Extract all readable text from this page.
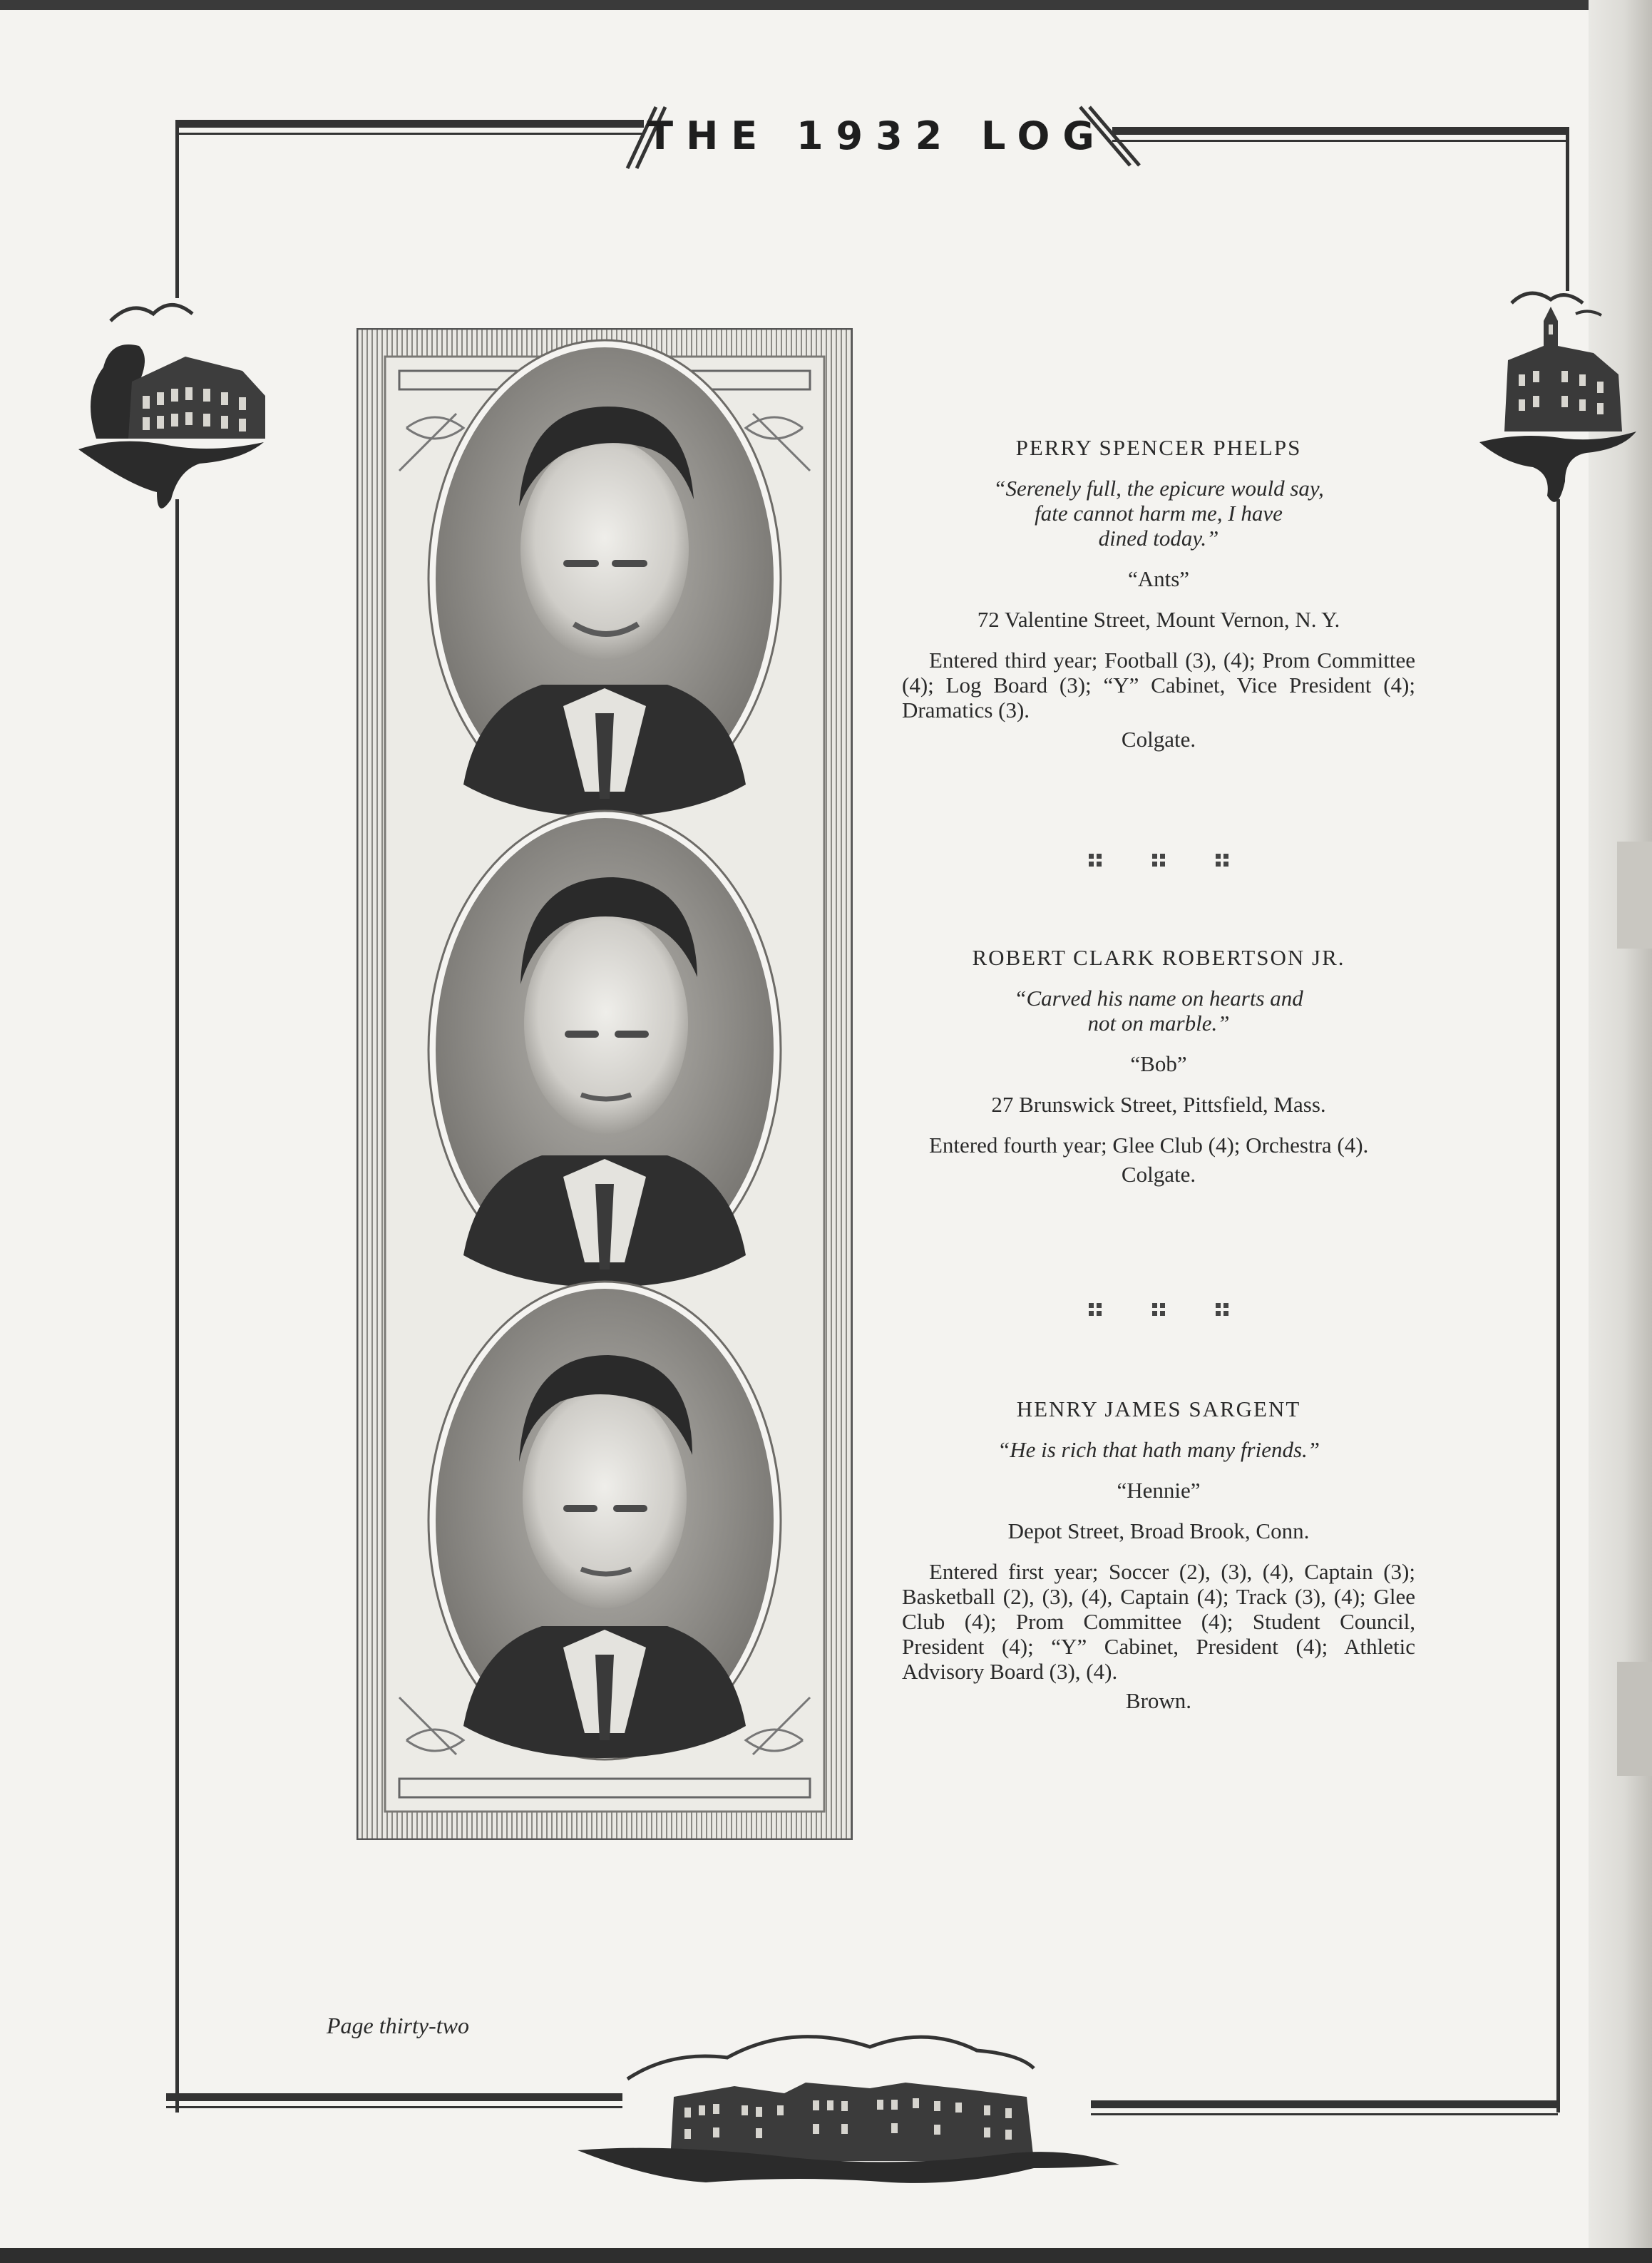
THE 1932 LOG
PERRY SPENCER PHELPS
“Serenely full, the epicure would say,
fate cannot harm me, I have
dined today.”
“Ants”
72 Valentine Street, Mount Vernon, N. Y.
Entered third year; Football (3), (4); Prom Committee (4); Log Board (3); “Y” Cabinet, Vice President (4); Dramatics (3).
Colgate.
ROBERT CLARK ROBERTSON JR.
“Carved his name on hearts and
not on marble.”
“Bob”
27 Brunswick Street, Pittsfield, Mass.
Entered fourth year; Glee Club (4); Orchestra (4).
Colgate.
HENRY JAMES SARGENT
“He is rich that hath many friends.”
“Hennie”
Depot Street, Broad Brook, Conn.
Entered first year; Soccer (2), (3), (4), Captain (3); Basketball (2), (3), (4), Captain (4); Track (3), (4); Glee Club (4); Prom Committee (4); Student Council, President (4); “Y” Cabinet, President (4); Athletic Advisory Board (3), (4).
Brown.
Page thirty-two
